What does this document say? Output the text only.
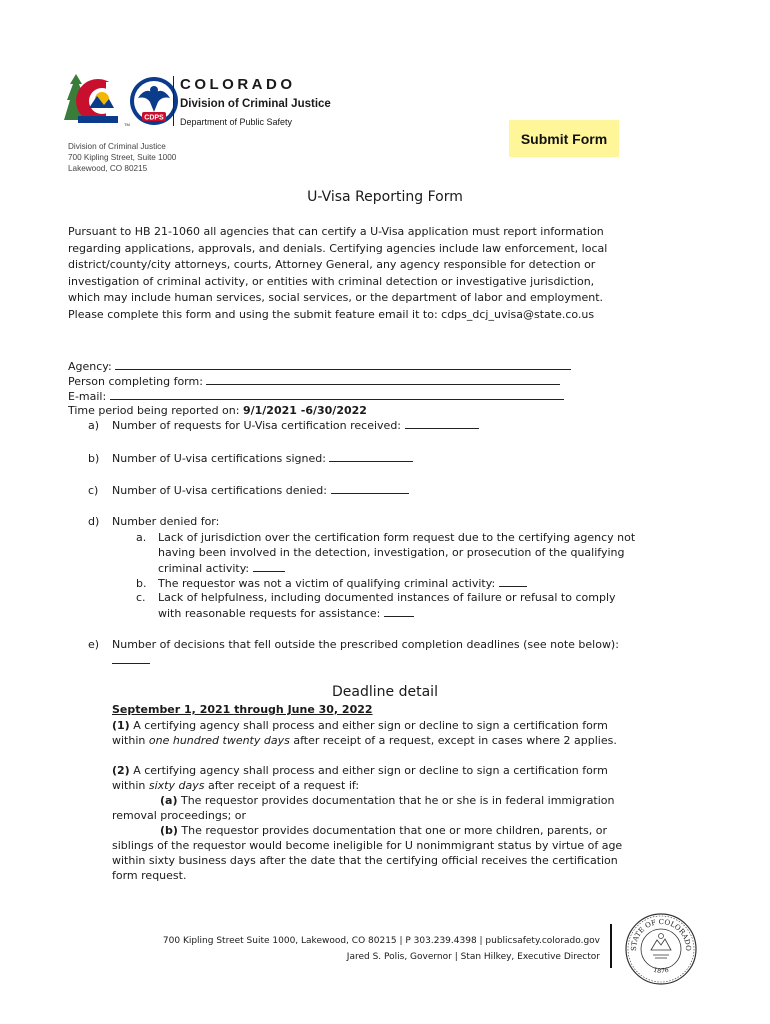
CDPS
TM
COLORADO
Division of Criminal Justice
Department of Public Safety
Division of Criminal Justice
700 Kipling Street, Suite 1000
Lakewood, CO 80215
Submit Form
U-Visa Reporting Form

Pursuant to HB 21-1060 all agencies that can certify a U-Visa application must report information regarding applications, approvals, and denials. Certifying agencies include law enforcement, local district/county/city attorneys, courts, Attorney General, any agency responsible for detection or investigation of criminal activity, or entities with criminal detection or investigative jurisdiction, which may include human services, social services, or the department of labor and employment.

Please complete this form and using the submit feature email it to: cdps_dcj_uvisa@state.co.us

Agency:
Person completing form:
E-mail:
Time period being reported on: 9/1/2021 -6/30/2022
a) Number of requests for U-Visa certification received:
b) Number of U-visa certifications signed:
c) Number of U-visa certifications denied:
d) Number denied for:
a. Lack of jurisdiction over the certification form request due to the certifying agency not
having been involved in the detection, investigation, or prosecution of the qualifying
criminal activity:
b. The requestor was not a victim of qualifying criminal activity:
c. Lack of helpfulness, including documented instances of failure or refusal to comply
with reasonable requests for assistance:
e) Number of decisions that fell outside the prescribed completion deadlines (see note below):
Deadline detail
September 1, 2021 through June 30, 2022

(1) A certifying agency shall process and either sign or decline to sign a certification form within one hundred twenty days after receipt of a request, except in cases where 2 applies.

(2) A certifying agency shall process and either sign or decline to sign a certification form within sixty days after receipt of a request if:

(a) The requestor provides documentation that he or she is in federal immigration removal proceedings; or

(b) The requestor provides documentation that one or more children, parents, or siblings of the requestor would become ineligible for U nonimmigrant status by virtue of age within sixty business days after the date that the certifying official receives the certification form request.

700 Kipling Street Suite 1000, Lakewood, CO 80215 | P 303.239.4398 | publicsafety.colorado.gov
Jared S. Polis, Governor | Stan Hilkey, Executive Director
STATE OF COLORADO
1876
